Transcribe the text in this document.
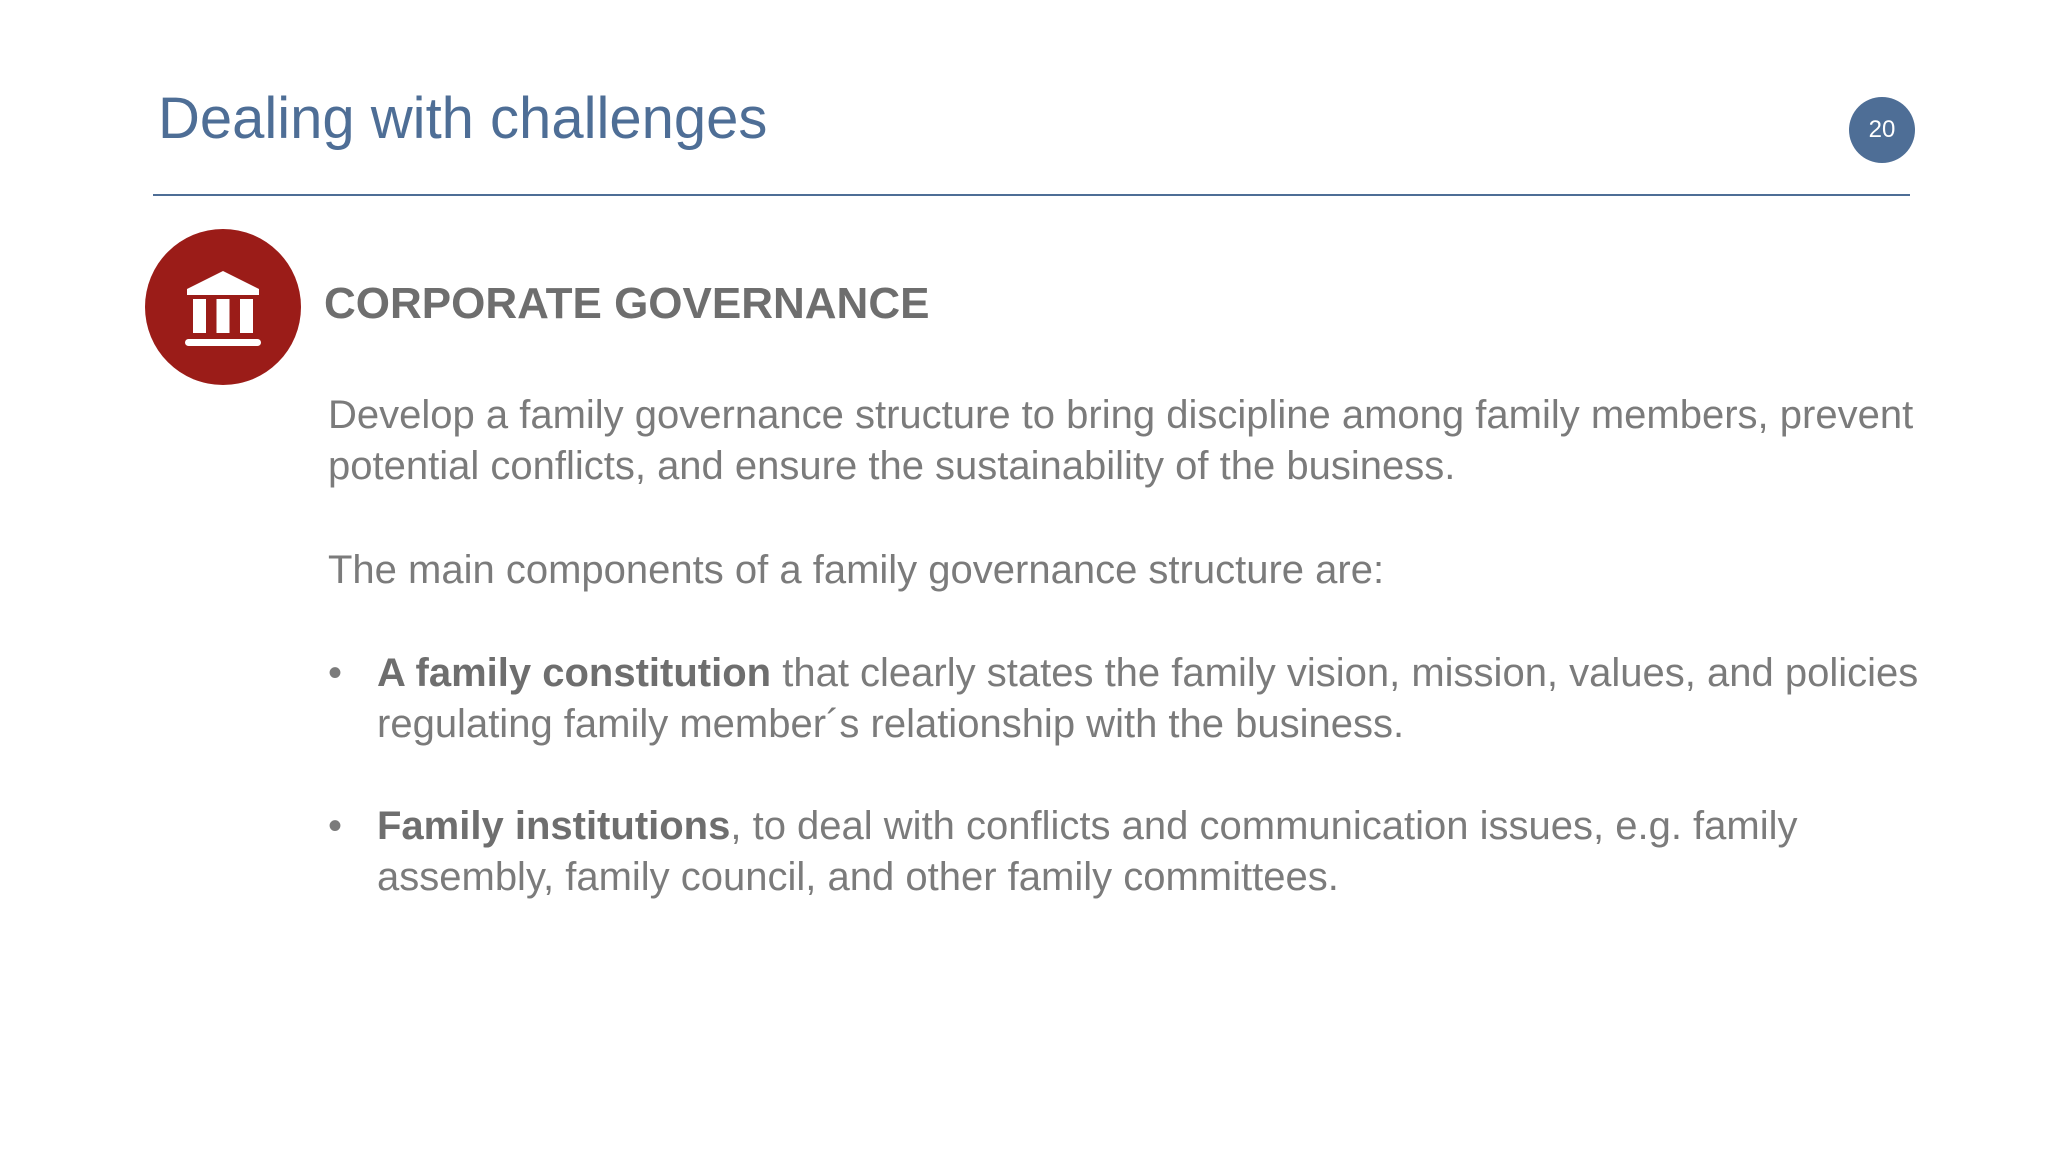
Dealing with challenges	20
CORPORATE GOVERNANCE

Develop a family governance structure to bring discipline among family members, prevent potential conflicts, and ensure the sustainability of the business.

The main components of a family governance structure are:

• A family constitution that clearly states the family vision, mission, values, and policies regulating family member´s relationship with the business.
• Family institutions, to deal with conflicts and communication issues, e.g. family assembly, family council, and other family committees.
